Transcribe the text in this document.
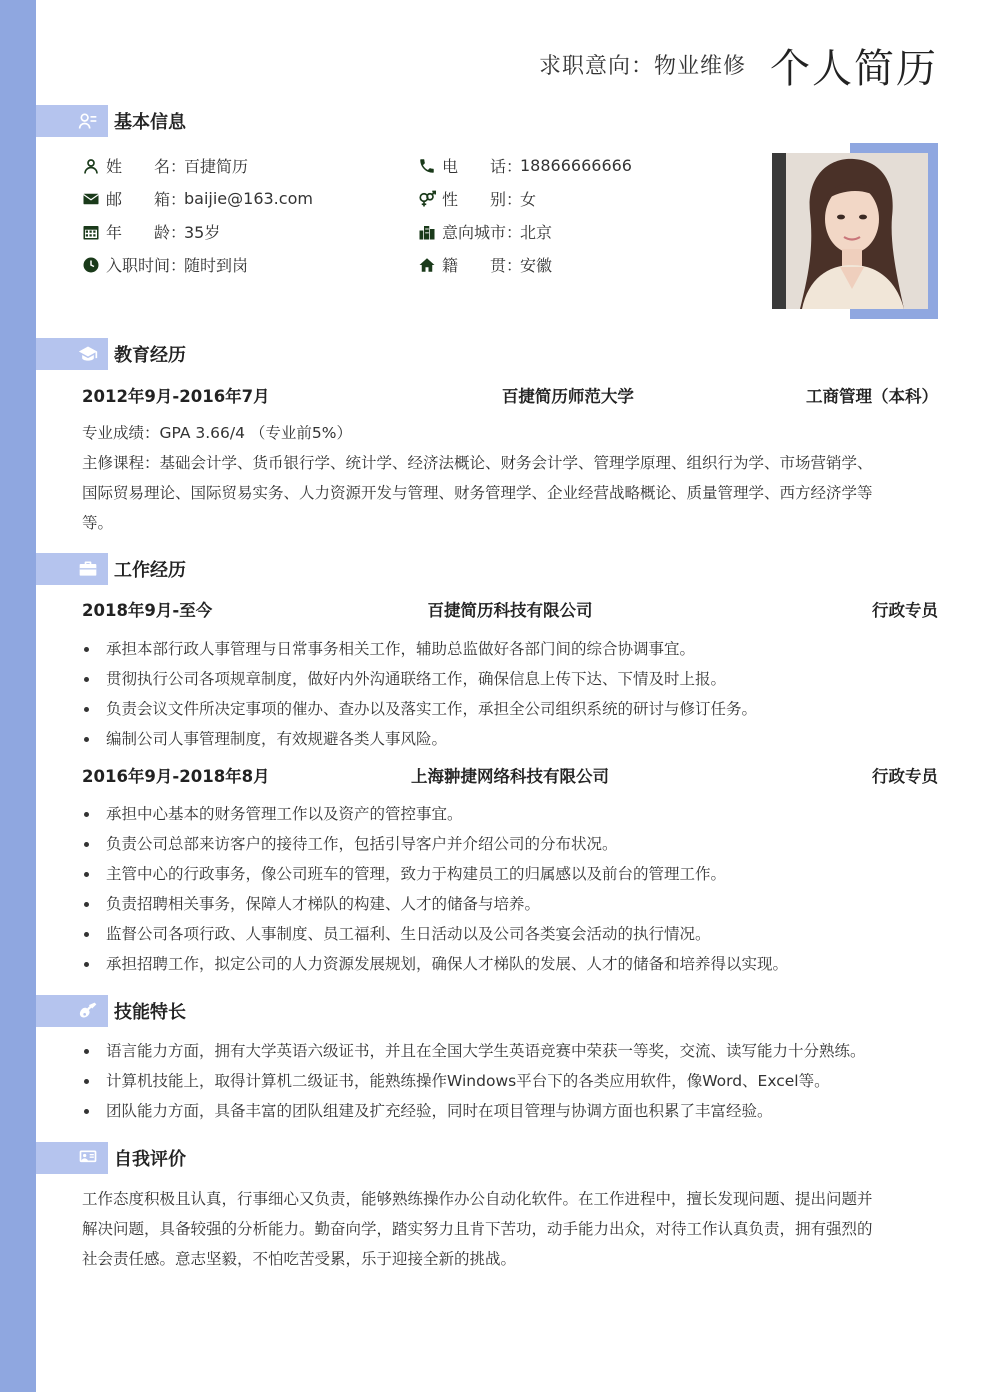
求职意向：物业维修 个人简历
基本信息
姓　　名：
百捷简历	电　　话：
18866666666
邮　　箱：
baijie@163.com	性　　别：
女
年　　龄：
35岁	意向城市：
北京
入职时间：
随时到岗	籍　　贯：
安徽
教育经历
2012年9月-2016年7月	百捷简历师范大学	工商管理（本科）
专业成绩：GPA 3.66/4 （专业前5%）
主修课程：基础会计学、货币银行学、统计学、经济法概论、财务会计学、管理学原理、组织行为学、市场营销学、
国际贸易理论、国际贸易实务、人力资源开发与管理、财务管理学、企业经营战略概论、质量管理学、西方经济学等
等。
工作经历
2018年9月-至今	百捷简历科技有限公司	行政专员
承担本部行政人事管理与日常事务相关工作，辅助总监做好各部门间的综合协调事宜。
贯彻执行公司各项规章制度，做好内外沟通联络工作，确保信息上传下达、下情及时上报。
负责会议文件所决定事项的催办、查办以及落实工作，承担全公司组织系统的研讨与修订任务。
编制公司人事管理制度，有效规避各类人事风险。
2016年9月-2018年8月	上海翀捷网络科技有限公司	行政专员
承担中心基本的财务管理工作以及资产的管控事宜。
负责公司总部来访客户的接待工作，包括引导客户并介绍公司的分布状况。
主管中心的行政事务，像公司班车的管理，致力于构建员工的归属感以及前台的管理工作。
负责招聘相关事务，保障人才梯队的构建、人才的储备与培养。
监督公司各项行政、人事制度、员工福利、生日活动以及公司各类宴会活动的执行情况。
承担招聘工作，拟定公司的人力资源发展规划，确保人才梯队的发展、人才的储备和培养得以实现。
技能特长
语言能力方面，拥有大学英语六级证书，并且在全国大学生英语竞赛中荣获一等奖，交流、读写能力十分熟练。
计算机技能上，取得计算机二级证书，能熟练操作Windows平台下的各类应用软件，像Word、Excel等。
团队能力方面，具备丰富的团队组建及扩充经验，同时在项目管理与协调方面也积累了丰富经验。
自我评价
工作态度积极且认真，行事细心又负责，能够熟练操作办公自动化软件。在工作进程中，擅长发现问题、提出问题并
解决问题，具备较强的分析能力。勤奋向学，踏实努力且肯下苦功，动手能力出众，对待工作认真负责，拥有强烈的
社会责任感。意志坚毅，不怕吃苦受累，乐于迎接全新的挑战。
